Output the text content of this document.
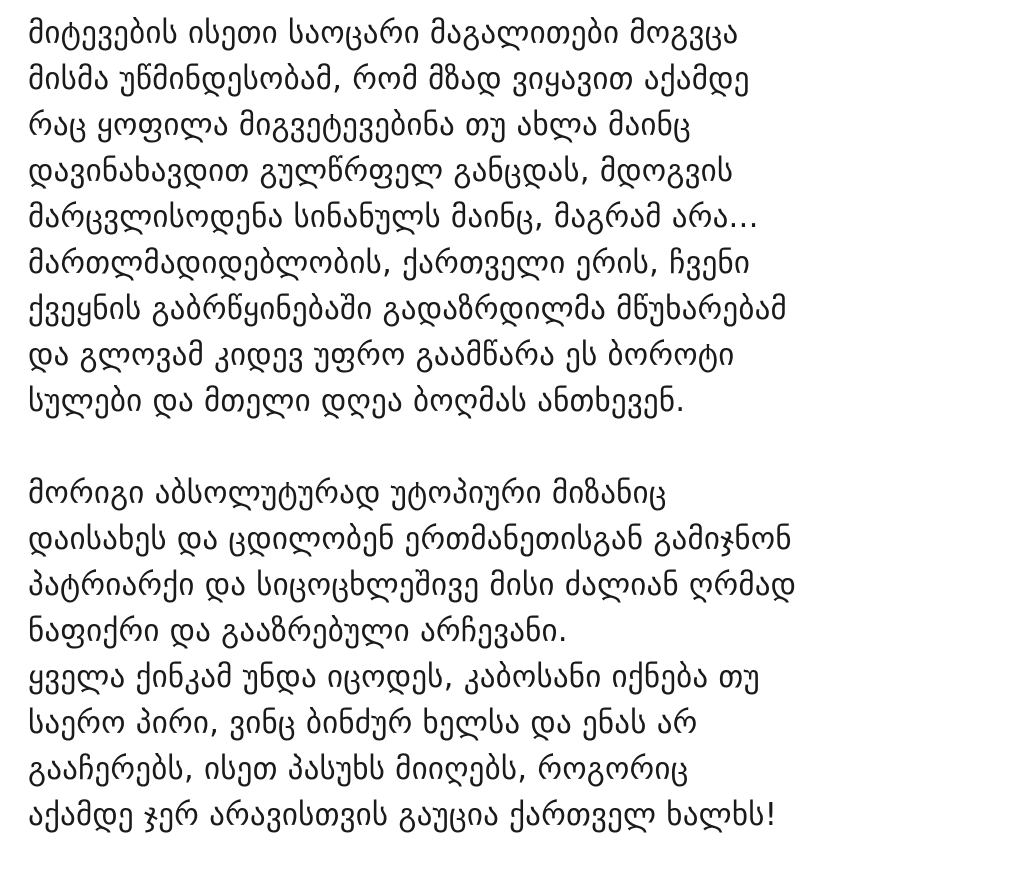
მიტევების ისეთი საოცარი მაგალითები მოგვცა
მისმა უწმინდესობამ, რომ მზად ვიყავით აქამდე
რაც ყოფილა მიგვეტევებინა თუ ახლა მაინც
დავინახავდით გულწრფელ განცდას, მდოგვის
მარცვლისოდენა სინანულს მაინც, მაგრამ არა...
მართლმადიდებლობის, ქართველი ერის, ჩვენი
ქვეყნის გაბრწყინებაში გადაზრდილმა მწუხარებამ
და გლოვამ კიდევ უფრო გაამწარა ეს ბოროტი
სულები და მთელი დღეა ბოღმას ანთხევენ.

მორიგი აბსოლუტურად უტოპიური მიზანიც
დაისახეს და ცდილობენ ერთმანეთისგან გამიჯნონ
პატრიარქი და სიცოცხლეშივე მისი ძალიან ღრმად
ნაფიქრი და გააზრებული არჩევანი.
ყველა ქინკამ უნდა იცოდეს, კაბოსანი იქნება თუ
საერო პირი, ვინც ბინძურ ხელსა და ენას არ
გააჩერებს, ისეთ პასუხს მიიღებს, როგორიც
აქამდე ჯერ არავისთვის გაუცია ქართველ ხალხს!
